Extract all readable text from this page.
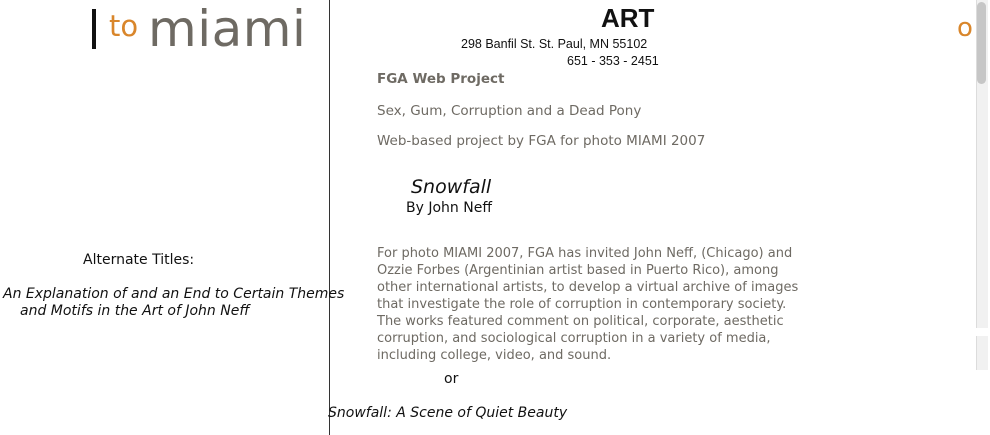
to miami
Alternate Titles:
An Explanation of and an End to Certain Themes
and Motifs in the Art of John Neff
or
Snowfall: A Scene of Quiet Beauty
ART
298 Banfil St. St. Paul, MN 55102
651 - 353 - 2451
FGA Web Project
Sex, Gum, Corruption and a Dead Pony
Web-based project by FGA for photo MIAMI 2007
Snowfall
By John Neff
For photo MIAMI 2007, FGA has invited John Neff, (Chicago) and Ozzie Forbes (Argentinian artist based in Puerto Rico), among other international artists, to develop a virtual archive of images that investigate the role of corruption in contemporary society. The works featured comment on political, corporate, aesthetic corruption, and sociological corruption in a variety of media, including college, video, and sound.
o
